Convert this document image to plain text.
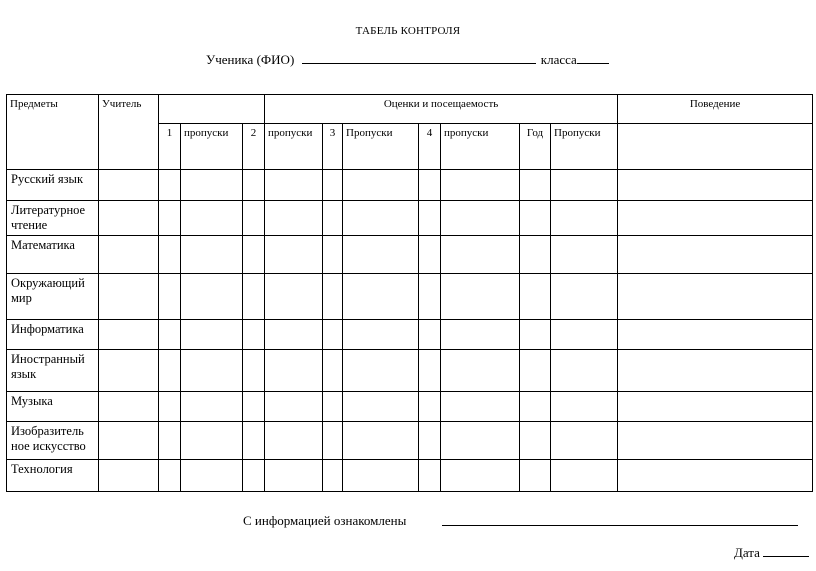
ТАБЕЛЬ КОНТРОЛЯ
Ученика (ФИО)	класса
Предметы	Учитель				Оценки и посещаемость							Поведение
		1	пропуски	2	пропуски	3	Пропуски	4	пропуски	Год	Пропуски	
Русский язык												
Литературное чтение												
Математика												
Окружающий мир												
Информатика												
Иностранный язык												
Музыка												
Изобразитель ное искусство												
Технология												
С информацией ознакомлены
Дата
